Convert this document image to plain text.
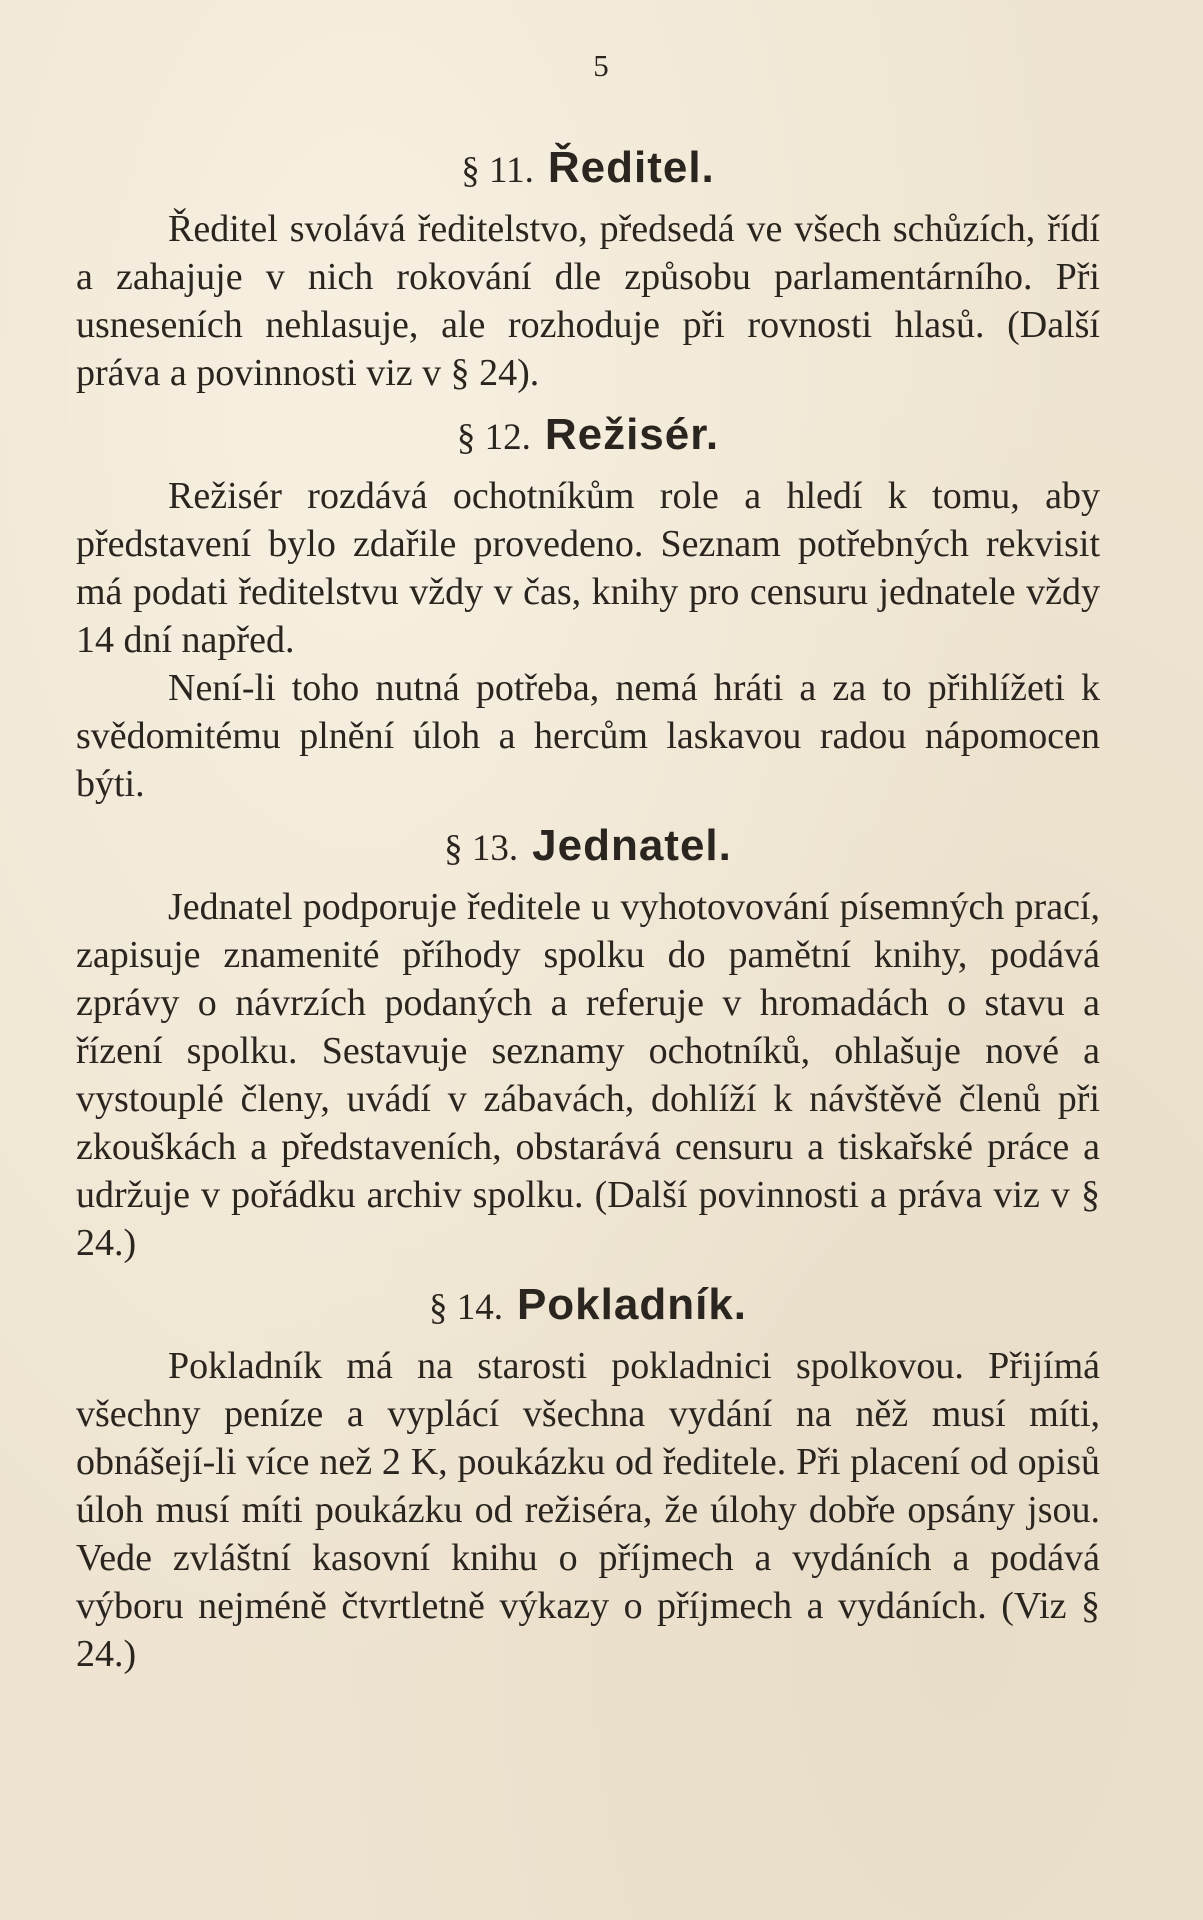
5
§ 11. Ředitel.

Ředitel svolává ředitelstvo, předsedá ve všech schůzích, řídí a zahajuje v nich rokování dle způsobu parlamentárního. Při usneseních nehlasuje, ale rozhoduje při rovnosti hlasů. (Další práva a povinnosti viz v § 24).

§ 12. Režisér.

Režisér rozdává ochotníkům role a hledí k tomu, aby představení bylo zdařile provedeno. Seznam potřebných rekvisit má podati ředitelstvu vždy v čas, knihy pro censuru jednatele vždy 14 dní napřed.

Není-li toho nutná potřeba, nemá hráti a za to přihlížeti k svědomitému plnění úloh a hercům laskavou radou nápomocen býti.

§ 13. Jednatel.

Jednatel podporuje ředitele u vyhotovování písemných prací, zapisuje znamenité příhody spolku do pamětní knihy, podává zprávy o návrzích podaných a referuje v hromadách o stavu a řízení spolku. Sestavuje seznamy ochotníků, ohlašuje nové a vystouplé členy, uvádí v zábavách, dohlíží k návštěvě členů při zkouškách a představeních, obstarává censuru a tiskařské práce a udržuje v pořádku archiv spolku. (Další povinnosti a práva viz v § 24.)

§ 14. Pokladník.

Pokladník má na starosti pokladnici spolkovou. Přijímá všechny peníze a vyplácí všechna vydání na něž musí míti, obnášejí-li více než 2 K, poukázku od ředitele. Při placení od opisů úloh musí míti poukázku od režiséra, že úlohy dobře opsány jsou. Vede zvláštní kasovní knihu o příjmech a vydáních a podává výboru nejméně čtvrtletně výkazy o příjmech a vydáních. (Viz § 24.)
